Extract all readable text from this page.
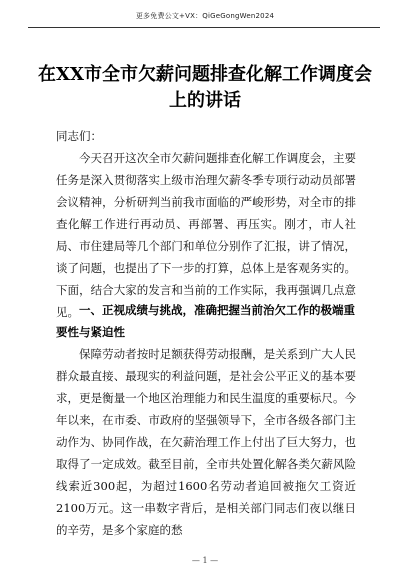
更多免费公文+VX：QiGeGongWen2024
在XX市全市欠薪问题排查化解工作调度会上的讲话
同志们：
今天召开这次全市欠薪问题排查化解工作调度会，主要任务是深入贯彻落实上级市治理欠薪冬季专项行动动员部署会议精神，分析研判当前我市面临的严峻形势，对全市的排查化解工作进行再动员、再部署、再压实。刚才，市人社局、市住建局等几个部门和单位分别作了汇报，讲了情况，谈了问题，也提出了下一步的打算，总体上是客观务实的。下面，结合大家的发言和当前的工作实际，我再强调几点意见。 一、正视成绩与挑战，准确把握当前治欠工作的极端重要性与紧迫性
保障劳动者按时足额获得劳动报酬，是关系到广大人民群众最直接、最现实的利益问题，是社会公平正义的基本要求，更是衡量一个地区治理能力和民生温度的重要标尺。今年以来，在市委、市政府的坚强领导下，全市各级各部门主动作为、协同作战，在欠薪治理工作上付出了巨大努力，也取得了一定成效。截至目前，全市共处置化解各类欠薪风险线索近300起，为超过1600名劳动者追回被拖欠工资近2100万元。这一串数字背后，是相关部门同志们夜以继日的辛劳，是多个家庭的愁
— 1 —
